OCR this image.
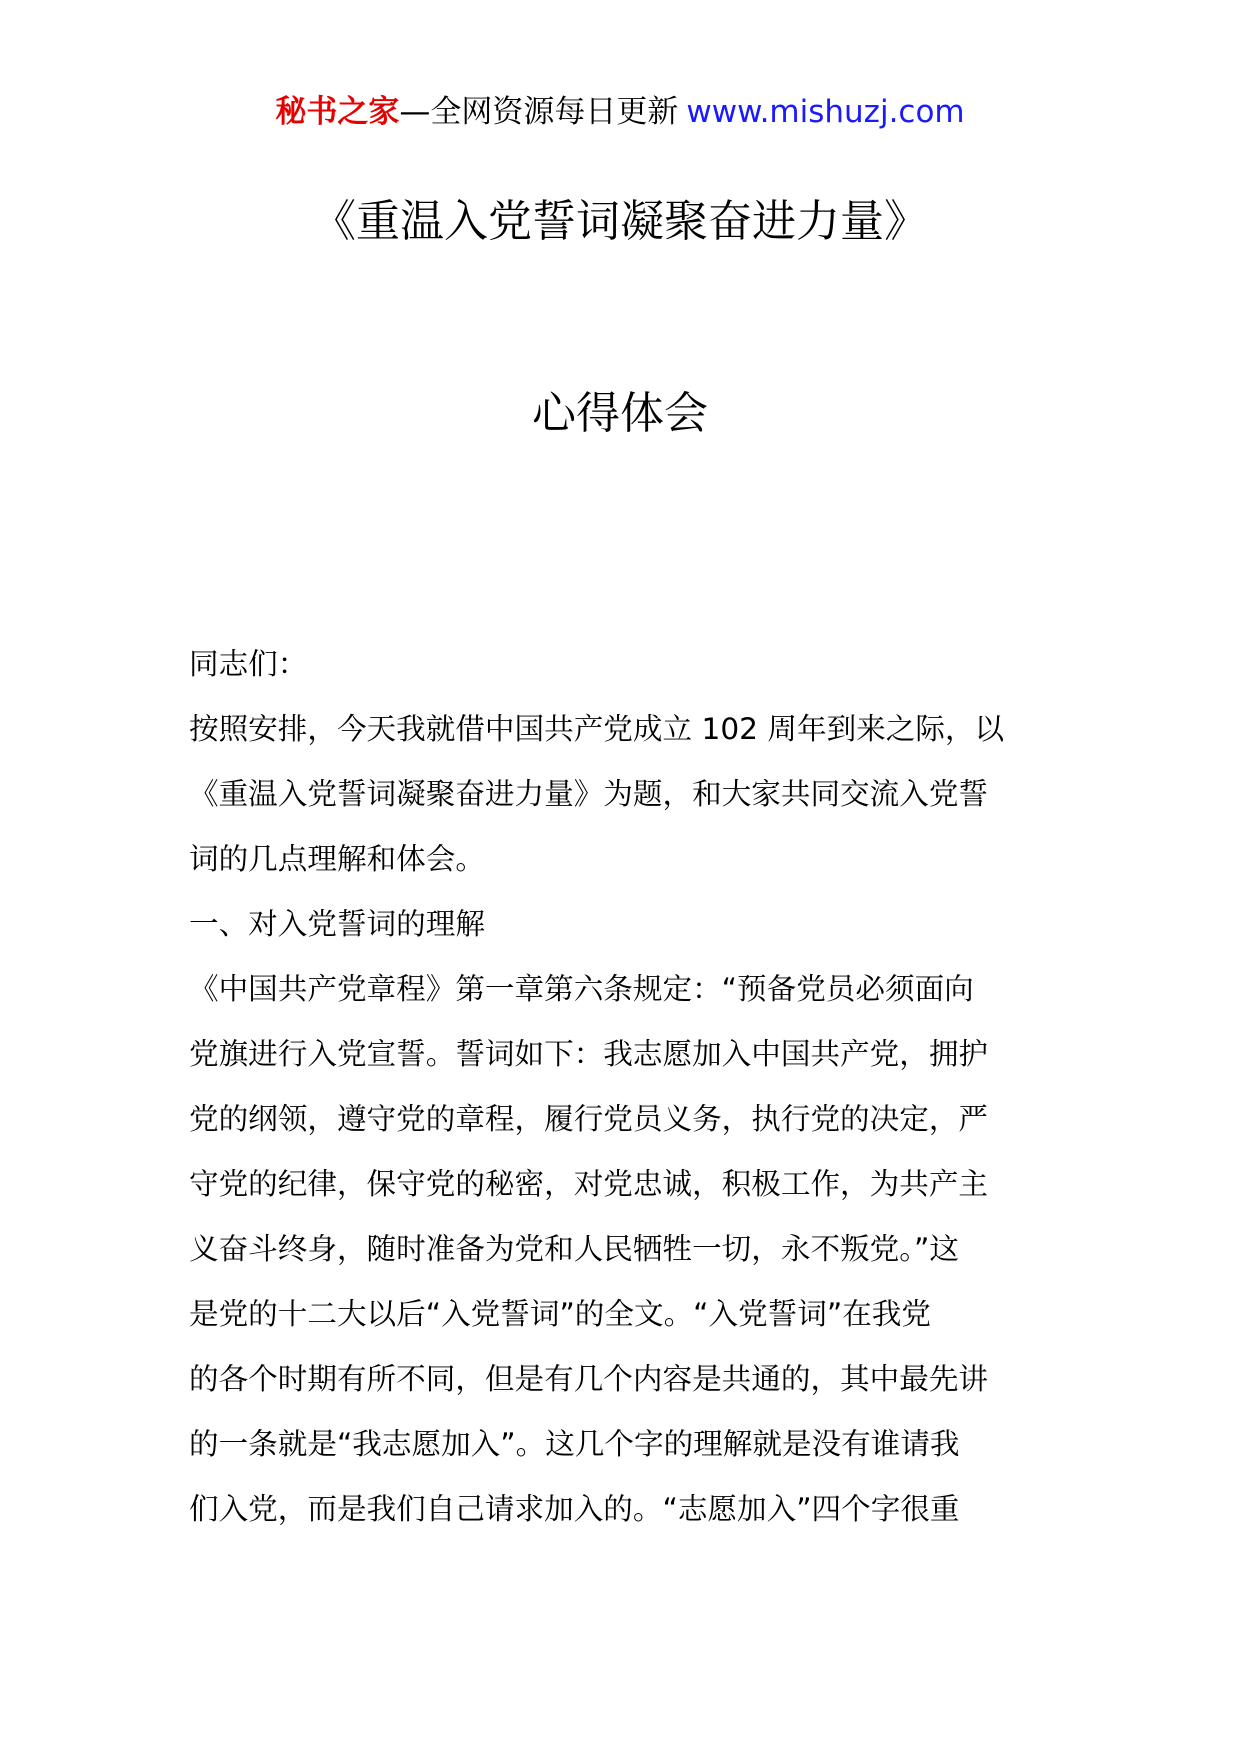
秘书之家—全网资源每日更新 www.mishuzj.com
《重温入党誓词凝聚奋进力量》
心得体会
同志们：
按照安排，今天我就借中国共产党成立 102 周年到来之际，以
《重温入党誓词凝聚奋进力量》为题，和大家共同交流入党誓
词的几点理解和体会。
一、对入党誓词的理解
《中国共产党章程》第一章第六条规定：“预备党员必须面向
党旗进行入党宣誓。誓词如下：我志愿加入中国共产党，拥护
党的纲领，遵守党的章程，履行党员义务，执行党的决定，严
守党的纪律，保守党的秘密，对党忠诚，积极工作，为共产主
义奋斗终身，随时准备为党和人民牺牲一切，永不叛党。”这
是党的十二大以后“入党誓词”的全文。“入党誓词”在我党
的各个时期有所不同，但是有几个内容是共通的，其中最先讲
的一条就是“我志愿加入”。这几个字的理解就是没有谁请我
们入党，而是我们自己请求加入的。“志愿加入”四个字很重
